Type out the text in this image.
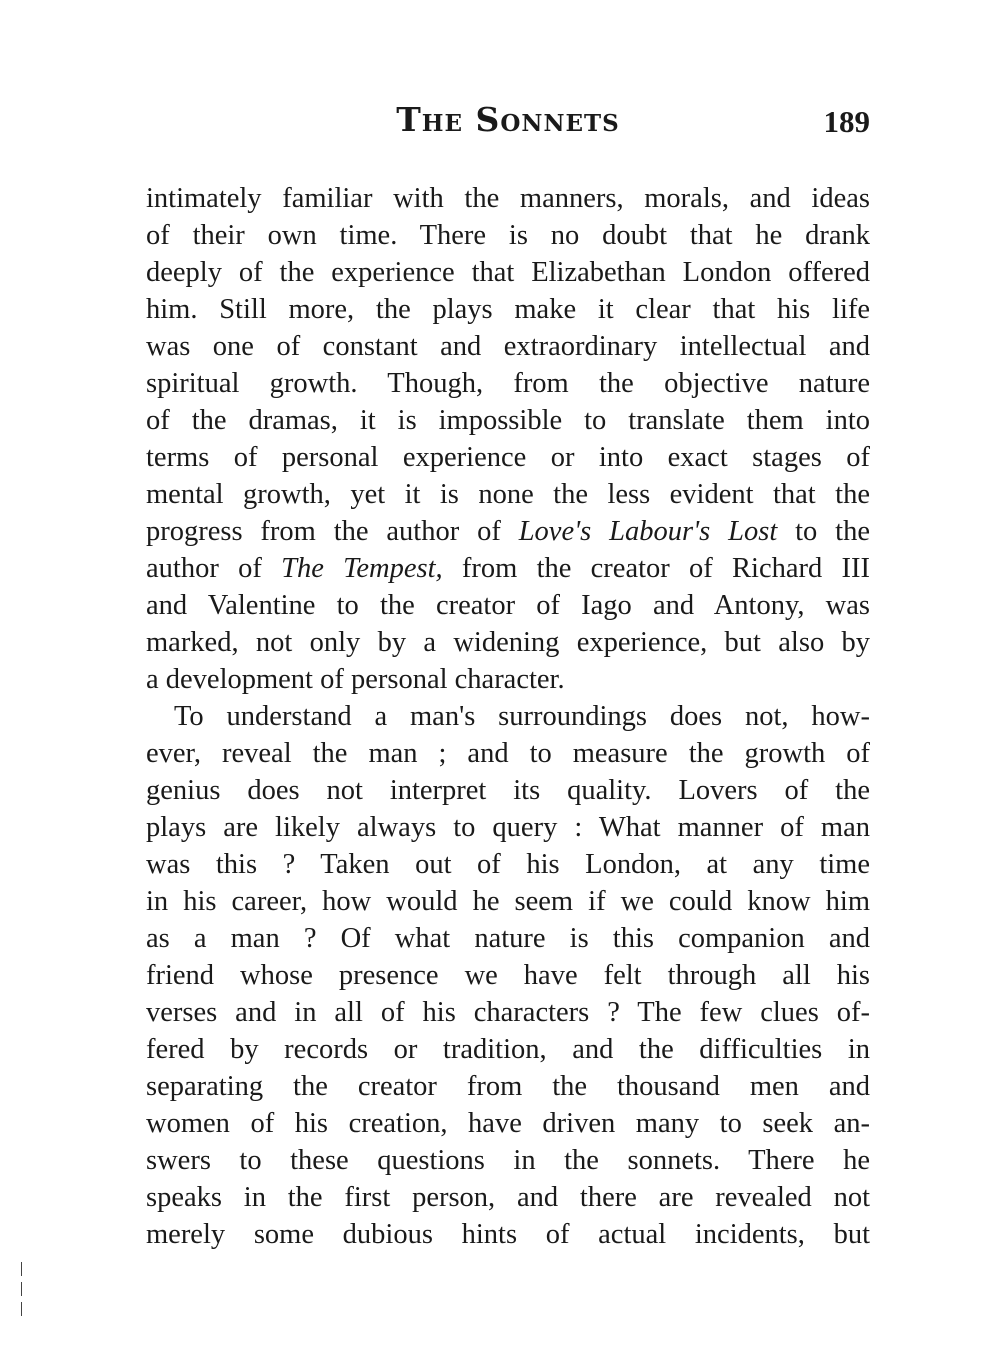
The Sonnets	189
intimately familiar with the manners, morals, and ideas
of their own time. There is no doubt that he drank
deeply of the experience that Elizabethan London offered
him. Still more, the plays make it clear that his life
was one of constant and extraordinary intellectual and
spiritual growth. Though, from the objective nature
of the dramas, it is impossible to translate them into
terms of personal experience or into exact stages of
mental growth, yet it is none the less evident that the
progress from the author of Love's Labour's Lost to the
author of The Tempest, from the creator of Richard III
and Valentine to the creator of Iago and Antony, was
marked, not only by a widening experience, but also by
a development of personal character.
To understand a man's surroundings does not, how-
ever, reveal the man ; and to measure the growth of
genius does not interpret its quality. Lovers of the
plays are likely always to query : What manner of man
was this ? Taken out of his London, at any time
in his career, how would he seem if we could know him
as a man ? Of what nature is this companion and
friend whose presence we have felt through all his
verses and in all of his characters ? The few clues of-
fered by records or tradition, and the difficulties in
separating the creator from the thousand men and
women of his creation, have driven many to seek an-
swers to these questions in the sonnets. There he
speaks in the first person, and there are revealed not
merely some dubious hints of actual incidents, but
